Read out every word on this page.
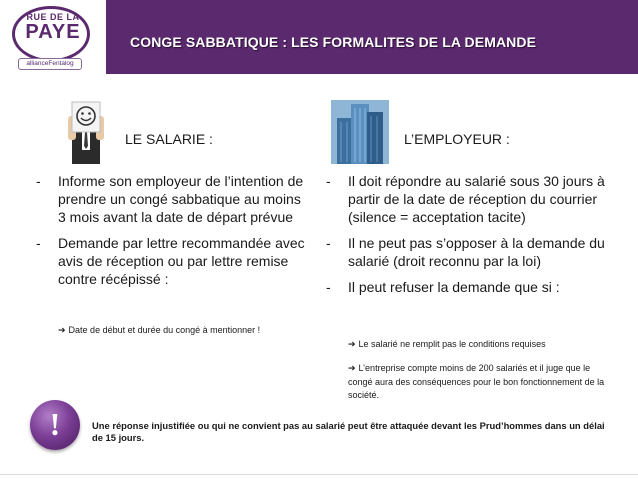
RUE DE LA
PAYE
allianceFentalog
CONGE SABBATIQUE : LES FORMALITES DE LA DEMANDE
LE SALARIE :	L’EMPLOYEUR :
- Informe son employeur de l’intention de prendre un congé sabbatique au moins 3 mois avant la date de départ prévue
- Demande par lettre recommandée avec avis de réception ou par lettre remise contre récépissé :
➔ Date de début et durée du congé à mentionner !
- Il doit répondre au salarié sous 30 jours à partir de la date de réception du courrier (silence = acceptation tacite)
- Il ne peut pas s’opposer à la demande du salarié (droit reconnu par la loi)
- Il peut refuser la demande que si :
➔ Le salarié ne remplit pas le conditions requises
➔ L’entreprise compte moins de 200 salariés et il juge que le congé aura des conséquences pour le bon fonctionnement de la société.
!	Une réponse injustifiée ou qui ne convient pas au salarié peut être attaquée devant les Prud’hommes dans un délai de 15 jours.
